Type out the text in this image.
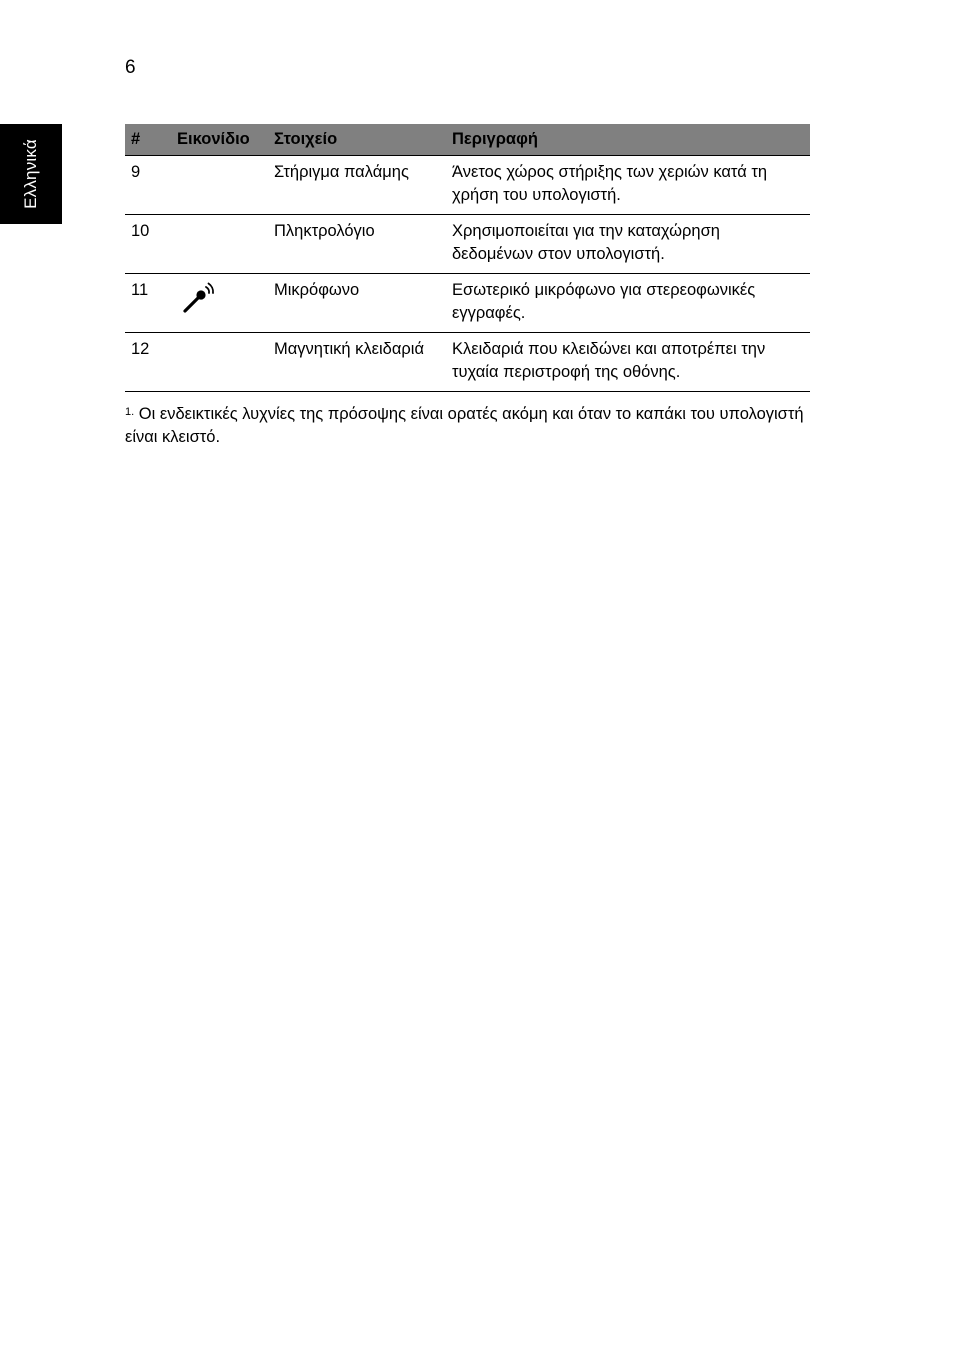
6
Ελληνικά
#	Εικονίδιο	Στοιχείο	Περιγραφή
9		Στήριγμα παλάμης	Άνετος χώρος στήριξης των χεριών κατά τη χρήση του υπολογιστή.
10		Πληκτρολόγιο	Χρησιμοποιείται για την καταχώρηση δεδομένων στον υπολογιστή.
11		Μικρόφωνο	Εσωτερικό μικρόφωνο για στερεοφωνικές εγγραφές.
12		Μαγνητική κλειδαριά	Κλειδαριά που κλειδώνει και αποτρέπει την τυχαία περιστροφή της οθόνης.
$^{1.}$ Οι ενδεικτικές λυχνίες της πρόσοψης είναι ορατές ακόμη και όταν το καπάκι του υπολογιστή είναι κλειστό.
